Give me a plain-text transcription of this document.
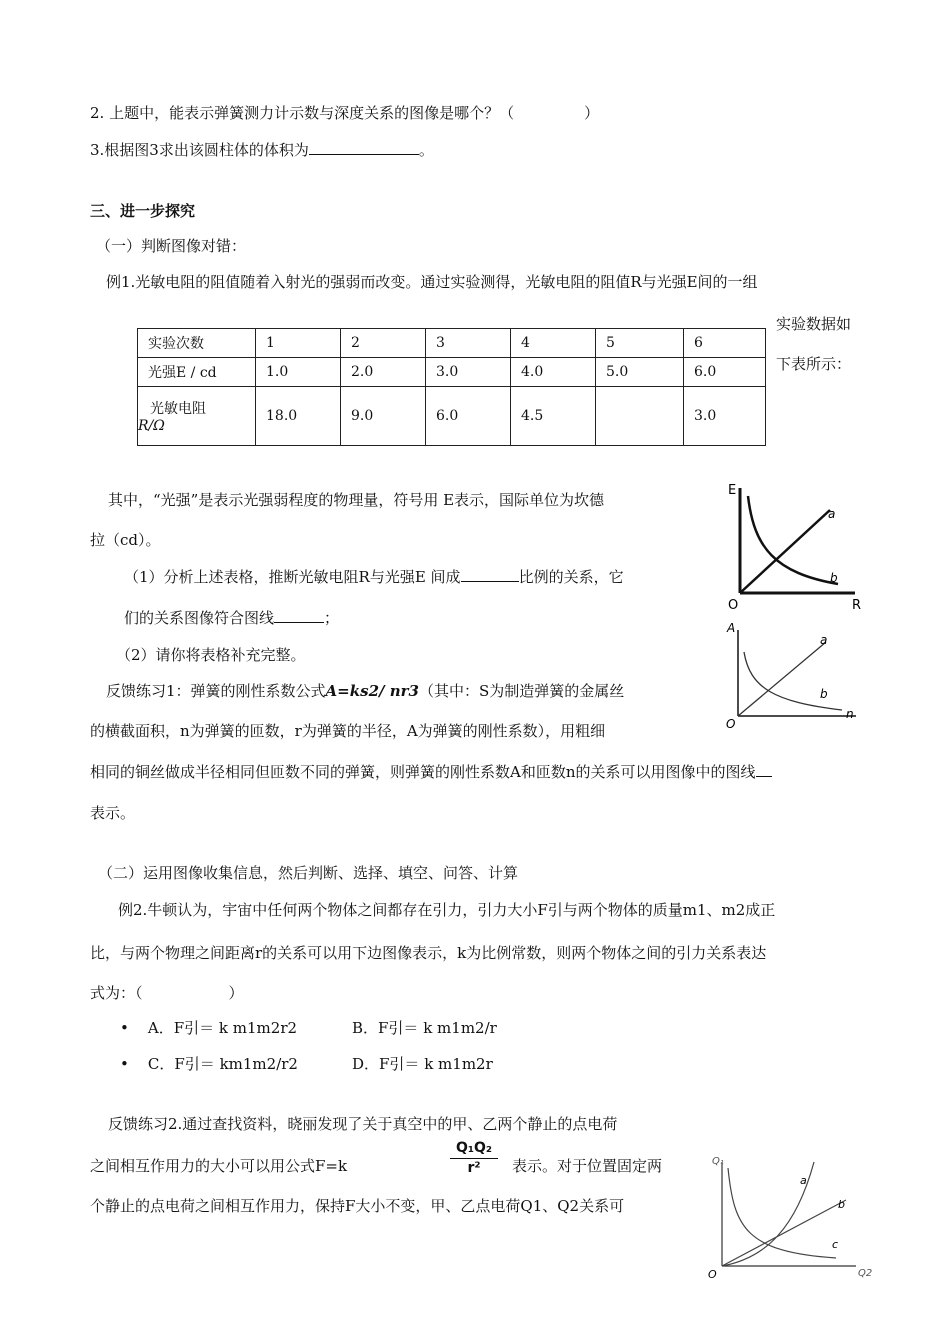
2. 上题中，能表示弹簧测力计示数与深度关系的图像是哪个？（	）
3.根据图3求出该圆柱体的体积为	。
三、进一步探究
（一）判断图像对错：
例1.光敏电阻的阻值随着入射光的强弱而改变。通过实验测得，光敏电阻的阻值R与光强E间的一组
实验数据如
下表所示：
实验次数	1	2	3	4	5	6
光强E / cd	1.0	2.0	3.0	4.0	5.0	6.0

光敏电阻
R/Ω	18.0	9.0	6.0	4.5		3.0
其中，“光强”是表示光强弱程度的物理量，符号用 E表示，国际单位为坎德
拉（cd）。
（1）分析上述表格，推断光敏电阻R与光强E 间成	比例的关系，它
们的关系图像符合图线	；
（2）请你将表格补充完整。
反馈练习1：弹簧的刚性系数公式A=ks2/ nr3（其中：S为制造弹簧的金属丝
的横截面积，n为弹簧的匝数，r为弹簧的半径，A为弹簧的刚性系数），用粗细
相同的铜丝做成半径相同但匝数不同的弹簧，则弹簧的刚性系数A和匝数n的关系可以用图像中的图线
表示。
（二）运用图像收集信息，然后判断、选择、填空、问答、计算
例2.牛顿认为，宇宙中任何两个物体之间都存在引力，引力大小F引与两个物体的质量m1、m2成正
比，与两个物理之间距离r的关系可以用下边图像表示，k为比例常数，则两个物体之间的引力关系表达
式为：（	）
•    A．F引＝ k m1m2r2	B．F引＝ k m1m2/r
•    C．F引＝ km1m2/r2	D．F引＝ k m1m2r
反馈练习2.通过查找资料，晓丽发现了关于真空中的甲、乙两个静止的点电荷
之间相互作用力的大小可以用公式F=k	$\frac{\text{Q₁Q₂}}{\text{r²}}$ 表示。对于位置固定两
个静止的点电荷之间相互作用力，保持F大小不变，甲、乙点电荷Q1、Q2关系可
E
O	R
a
b
A
O
n
a
b
Q₁
O	Q2
a
b
c
